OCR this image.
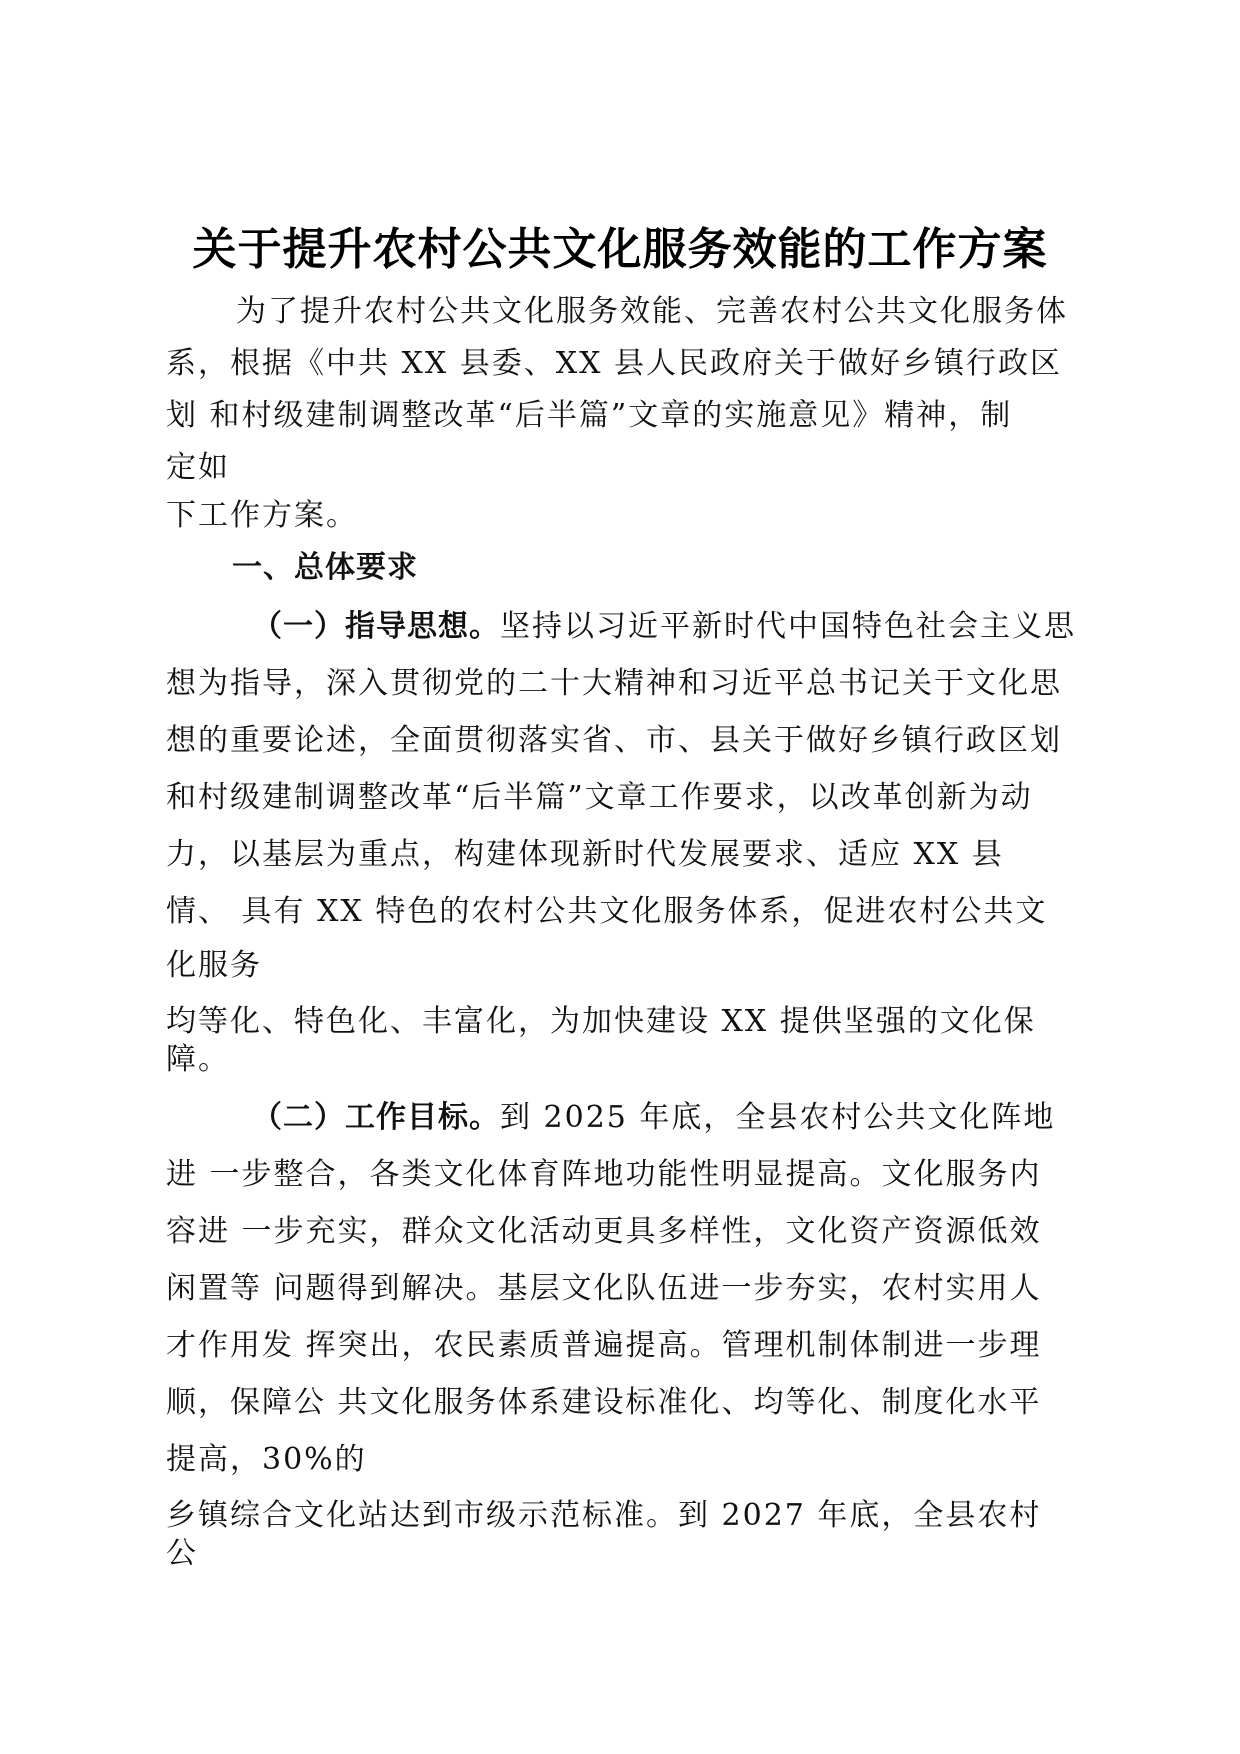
关于提升农村公共文化服务效能的工作方案
为了提升农村公共文化服务效能、完善农村公共文化服务体
系，根据《中共 XX 县委、XX 县人民政府关于做好乡镇行政区
划 和村级建制调整改革“后半篇”文章的实施意见》精神，制
定如
下工作方案。
一、总体要求
（一）指导思想。坚持以习近平新时代中国特色社会主义思
想为指导，深入贯彻党的二十大精神和习近平总书记关于文化思
想的重要论述，全面贯彻落实省、市、县关于做好乡镇行政区划
和村级建制调整改革“后半篇”文章工作要求，以改革创新为动
力，以基层为重点，构建体现新时代发展要求、适应 XX 县
情、 具有 XX 特色的农村公共文化服务体系，促进农村公共文
化服务
均等化、特色化、丰富化，为加快建设 XX 提供坚强的文化保
障。
（二）工作目标。到 2025 年底，全县农村公共文化阵地
进 一步整合，各类文化体育阵地功能性明显提高。文化服务内
容进 一步充实，群众文化活动更具多样性，文化资产资源低效
闲置等 问题得到解决。基层文化队伍进一步夯实，农村实用人
才作用发 挥突出，农民素质普遍提高。管理机制体制进一步理
顺，保障公 共文化服务体系建设标准化、均等化、制度化水平
提高，30%的
乡镇综合文化站达到市级示范标准。到 2027 年底，全县农村
公
